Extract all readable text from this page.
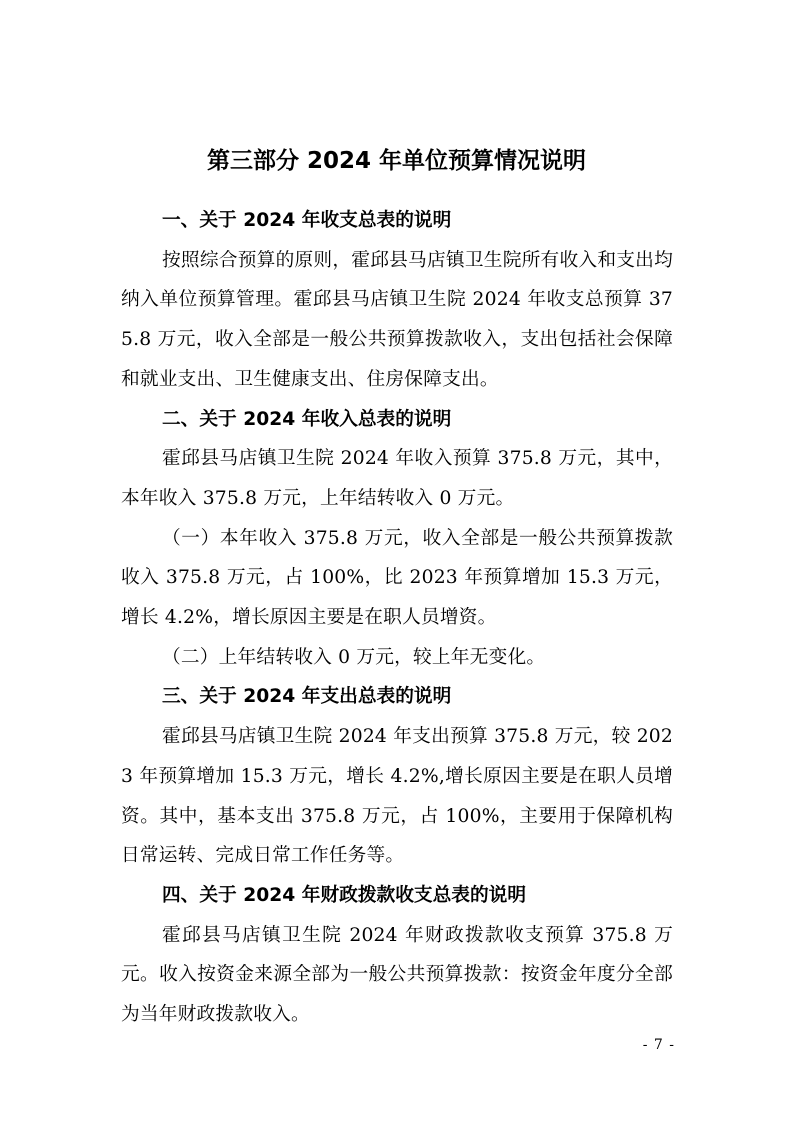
第三部分 2024 年单位预算情况说明
一、关于 2024 年收支总表的说明

按照综合预算的原则，霍邱县马店镇卫生院所有收入和支出均纳入单位预算管理。霍邱县马店镇卫生院 2024 年收支总预算 375.8 万元，收入全部是一般公共预算拨款收入，支出包括社会保障和就业支出、卫生健康支出、住房保障支出。

二、关于 2024 年收入总表的说明

霍邱县马店镇卫生院 2024 年收入预算 375.8 万元，其中，本年收入 375.8 万元，上年结转收入 0 万元。

（一）本年收入 375.8 万元，收入全部是一般公共预算拨款收入 375.8 万元，占 100%，比 2023 年预算增加 15.3 万元，增长 4.2%，增长原因主要是在职人员增资。

（二）上年结转收入 0 万元，较上年无变化。

三、关于 2024 年支出总表的说明

霍邱县马店镇卫生院 2024 年支出预算 375.8 万元，较 2023 年预算增加 15.3 万元，增长 4.2%,增长原因主要是在职人员增资。其中，基本支出 375.8 万元，占 100%，主要用于保障机构日常运转、完成日常工作任务等。

四、关于 2024 年财政拨款收支总表的说明

霍邱县马店镇卫生院 2024 年财政拨款收支预算 375.8 万元。收入按资金来源全部为一般公共预算拨款：按资金年度分全部为当年财政拨款收入。

- 7 -
